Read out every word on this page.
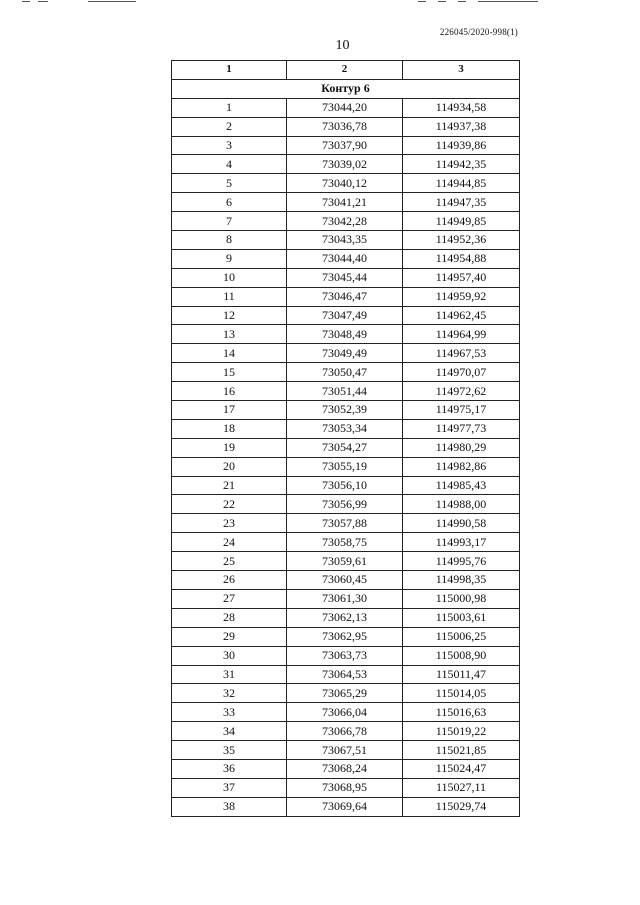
226045/2020-998(1)
10
1	2	3
Контур 6		
1	73044,20	114934,58
2	73036,78	114937,38
3	73037,90	114939,86
4	73039,02	114942,35
5	73040,12	114944,85
6	73041,21	114947,35
7	73042,28	114949,85
8	73043,35	114952,36
9	73044,40	114954,88
10	73045,44	114957,40
11	73046,47	114959,92
12	73047,49	114962,45
13	73048,49	114964,99
14	73049,49	114967,53
15	73050,47	114970,07
16	73051,44	114972,62
17	73052,39	114975,17
18	73053,34	114977,73
19	73054,27	114980,29
20	73055,19	114982,86
21	73056,10	114985,43
22	73056,99	114988,00
23	73057,88	114990,58
24	73058,75	114993,17
25	73059,61	114995,76
26	73060,45	114998,35
27	73061,30	115000,98
28	73062,13	115003,61
29	73062,95	115006,25
30	73063,73	115008,90
31	73064,53	115011,47
32	73065,29	115014,05
33	73066,04	115016,63
34	73066,78	115019,22
35	73067,51	115021,85
36	73068,24	115024,47
37	73068,95	115027,11
38	73069,64	115029,74
